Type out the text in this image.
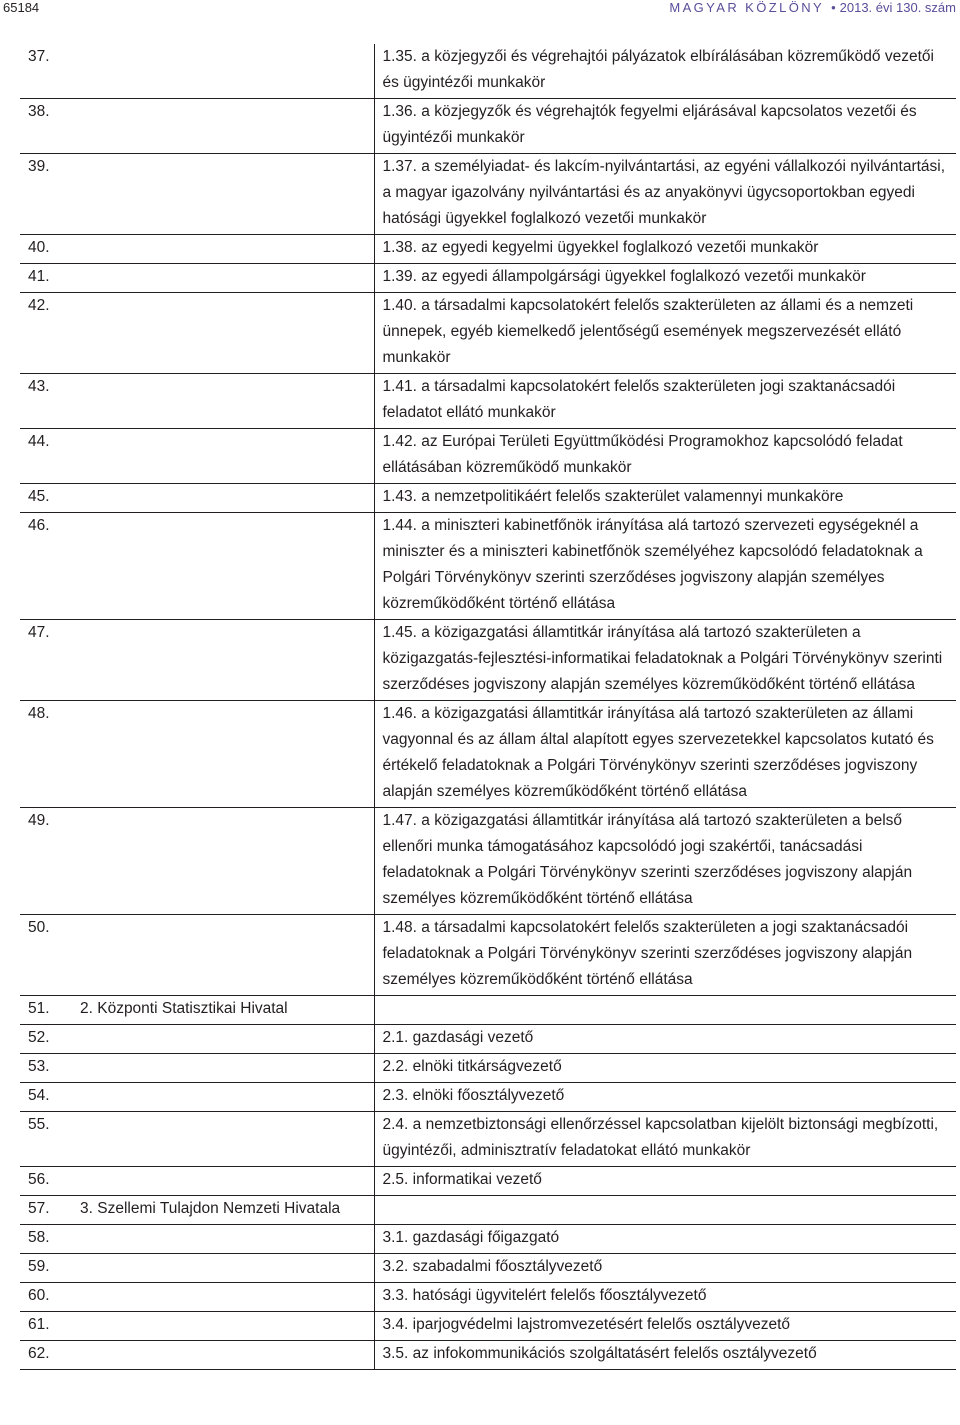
65184	MAGYAR KÖZLÖNY • 2013. évi 130. szám
37.		1.35. a közjegyzői és végrehajtói pályázatok elbírálásában közreműködő vezetői és ügyintézői munkakör
38.		1.36. a közjegyzők és végrehajtók fegyelmi eljárásával kapcsolatos vezetői és ügyintézői munkakör
39.		1.37. a személyiadat- és lakcím-nyilvántartási, az egyéni vállalkozói nyilvántartási, a magyar igazolvány nyilvántartási és az anyakönyvi ügycsoportokban egyedi hatósági ügyekkel foglalkozó vezetői munkakör
40.		1.38. az egyedi kegyelmi ügyekkel foglalkozó vezetői munkakör
41.		1.39. az egyedi állampolgársági ügyekkel foglalkozó vezetői munkakör
42.		1.40. a társadalmi kapcsolatokért felelős szakterületen az állami és a nemzeti ünnepek, egyéb kiemelkedő jelentőségű események megszervezését ellátó munkakör
43.		1.41. a társadalmi kapcsolatokért felelős szakterületen jogi szaktanácsadói feladatot ellátó munkakör
44.		1.42. az Európai Területi Együttműködési Programokhoz kapcsolódó feladat ellátásában közreműködő munkakör
45.		1.43. a nemzetpolitikáért felelős szakterület valamennyi munkaköre
46.		1.44. a miniszteri kabinetfőnök irányítása alá tartozó szervezeti egységeknél a miniszter és a miniszteri kabinetfőnök személyéhez kapcsolódó feladatoknak a Polgári Törvénykönyv szerinti szerződéses jogviszony alapján személyes közreműködőként történő ellátása
47.		1.45. a közigazgatási államtitkár irányítása alá tartozó szakterületen a közigazgatás-fejlesztési-informatikai feladatoknak a Polgári Törvénykönyv szerinti szerződéses jogviszony alapján személyes közreműködőként történő ellátása
48.		1.46. a közigazgatási államtitkár irányítása alá tartozó szakterületen az állami vagyonnal és az állam által alapított egyes szervezetekkel kapcsolatos kutató és értékelő feladatoknak a Polgári Törvénykönyv szerinti szerződéses jogviszony alapján személyes közreműködőként történő ellátása
49.		1.47. a közigazgatási államtitkár irányítása alá tartozó szakterületen a belső ellenőri munka támogatásához kapcsolódó jogi szakértői, tanácsadási feladatoknak a Polgári Törvénykönyv szerinti szerződéses jogviszony alapján személyes közreműködőként történő ellátása
50.		1.48. a társadalmi kapcsolatokért felelős szakterületen a jogi szaktanácsadói feladatoknak a Polgári Törvénykönyv szerinti szerződéses jogviszony alapján személyes közreműködőként történő ellátása
51.	2. Központi Statisztikai Hivatal	
52.		2.1. gazdasági vezető
53.		2.2. elnöki titkárságvezető
54.		2.3. elnöki főosztályvezető
55.		2.4. a nemzetbiztonsági ellenőrzéssel kapcsolatban kijelölt biztonsági megbízotti, ügyintézői, adminisztratív feladatokat ellátó munkakör
56.		2.5. informatikai vezető
57.	3. Szellemi Tulajdon Nemzeti Hivatala	
58.		3.1. gazdasági főigazgató
59.		3.2. szabadalmi főosztályvezető
60.		3.3. hatósági ügyvitelért felelős főosztályvezető
61.		3.4. iparjogvédelmi lajstromvezetésért felelős osztályvezető
62.		3.5. az infokommunikációs szolgáltatásért felelős osztályvezető
